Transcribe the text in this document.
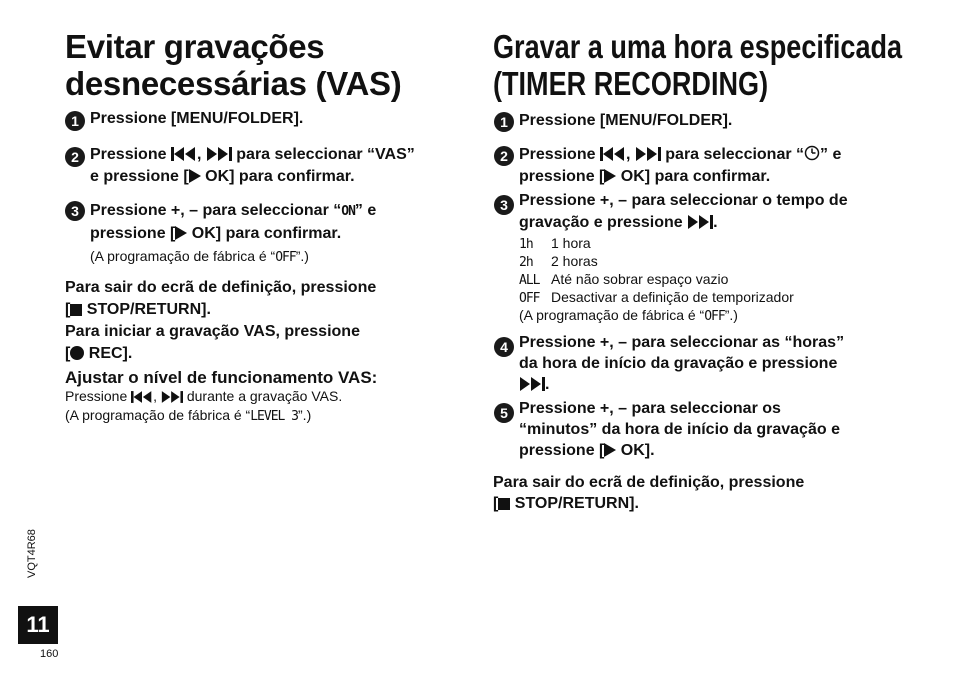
Evitar gravações
desnecessárias (VAS)
1 Pressione [MENU/FOLDER].
2 Pressione ,  para seleccionar “VAS”
e pressione [ OK] para confirmar.
3 Pressione +, – para seleccionar “ON” e
pressione [ OK] para confirmar.
(A programação de fábrica é “OFF”.)
Para sair do ecrã de definição, pressione
[ STOP/RETURN].
Para iniciar a gravação VAS, pressione
[ REC].
Ajustar o nível de funcionamento VAS:
Pressione ,  durante a gravação VAS.
(A programação de fábrica é “LEVEL 3”.)
Gravar a uma hora especificada
(TIMER RECORDING)
1 Pressione [MENU/FOLDER].
2 Pressione ,  para seleccionar “ ” e
pressione [ OK] para confirmar.
3 Pressione +, – para seleccionar o tempo de
gravação e pressione .
1h 1 hora
2h 2 horas
ALL Até não sobrar espaço vazio
OFF Desactivar a definição de temporizador
(A programação de fábrica é “OFF”.)
4 Pressione +, – para seleccionar as “horas”
da hora de início da gravação e pressione
.
5 Pressione +, – para seleccionar os
“minutos” da hora de início da gravação e
pressione [ OK].
Para sair do ecrã de definição, pressione
[ STOP/RETURN].
VQT4R68
11
160
